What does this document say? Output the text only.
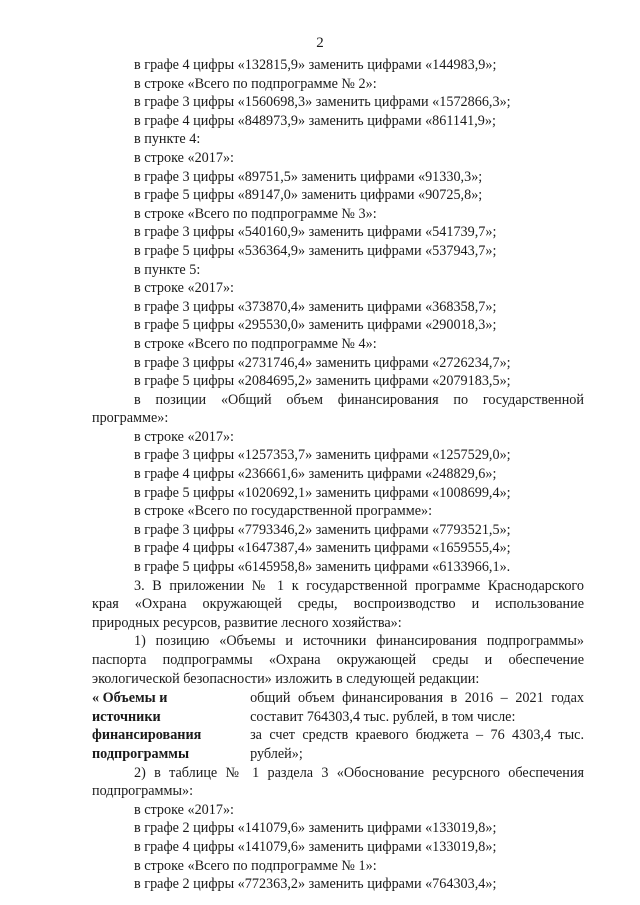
2
в графе 4 цифры «132815,9» заменить цифрами «144983,9»;
в строке «Всего по подпрограмме № 2»:
в графе 3 цифры «1560698,3» заменить цифрами «1572866,3»;
в графе 4 цифры «848973,9» заменить цифрами «861141,9»;
в пункте 4:
в строке «2017»:
в графе 3 цифры «89751,5» заменить цифрами «91330,3»;
в графе 5 цифры «89147,0» заменить цифрами «90725,8»;
в строке «Всего по подпрограмме № 3»:
в графе 3 цифры «540160,9» заменить цифрами «541739,7»;
в графе 5 цифры «536364,9» заменить цифрами «537943,7»;
в пункте 5:
в строке «2017»:
в графе 3 цифры «373870,4» заменить цифрами «368358,7»;
в графе 5 цифры «295530,0» заменить цифрами «290018,3»;
в строке «Всего по подпрограмме № 4»:
в графе 3 цифры «2731746,4» заменить цифрами «2726234,7»;
в графе 5 цифры «2084695,2» заменить цифрами «2079183,5»;
в позиции «Общий объем финансирования по государственной
программе»:
в строке «2017»:
в графе 3 цифры «1257353,7» заменить цифрами «1257529,0»;
в графе 4 цифры «236661,6» заменить цифрами «248829,6»;
в графе 5 цифры «1020692,1» заменить цифрами «1008699,4»;
в строке «Всего по государственной программе»:
в графе 3 цифры «7793346,2» заменить цифрами «7793521,5»;
в графе 4 цифры «1647387,4» заменить цифрами «1659555,4»;
в графе 5 цифры «6145958,8» заменить цифрами «6133966,1».
3. В приложении № 1 к государственной программе Краснодарского
края «Охрана окружающей среды, воспроизводство и использование
природных ресурсов, развитие лесного хозяйства»:
1) позицию «Объемы и источники финансирования подпрограммы»
паспорта подпрограммы «Охрана окружающей среды и обеспечение
экологической безопасности» изложить в следующей редакции:
« Объемы и
источники
финансирования
подпрограммы
общий объем финансирования в 2016 – 2021 годах
составит 764303,4 тыс. рублей, в том числе:
за счет средств краевого бюджета – 76 4303,4 тыс.
рублей»;
2) в таблице № 1 раздела 3 «Обоснование ресурсного обеспечения
подпрограммы»:
в строке «2017»:
в графе 2 цифры «141079,6» заменить цифрами «133019,8»;
в графе 4 цифры «141079,6» заменить цифрами «133019,8»;
в строке «Всего по подпрограмме № 1»:
в графе 2 цифры «772363,2» заменить цифрами «764303,4»;
